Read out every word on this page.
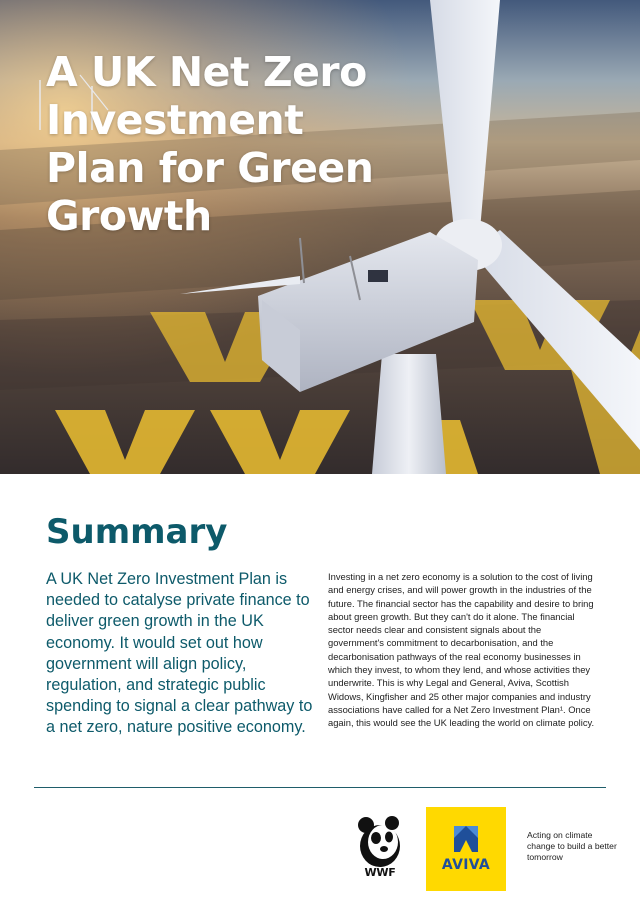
A UK Net Zero Investment Plan for Green Growth
Summary

A UK Net Zero Investment Plan is needed to catalyse private finance to deliver green growth in the UK economy. It would set out how government will align policy, regulation, and strategic public spending to signal a clear pathway to a net zero, nature positive economy.

Investing in a net zero economy is a solution to the cost of living and energy crises, and will power growth in the industries of the future. The financial sector has the capability and desire to bring about green growth. But they can't do it alone. The financial sector needs clear and consistent signals about the government's commitment to decarbonisation, and the decarbonisation pathways of the real economy businesses in which they invest, to whom they lend, and whose activities they underwrite. This is why Legal and General, Aviva, Scottish Widows, Kingfisher and 25 other major companies and industry associations have called for a Net Zero Investment Plan¹. Once again, this would see the UK leading the world on climate policy.

WWF	AVIVA

Acting on climate change to build a better tomorrow
